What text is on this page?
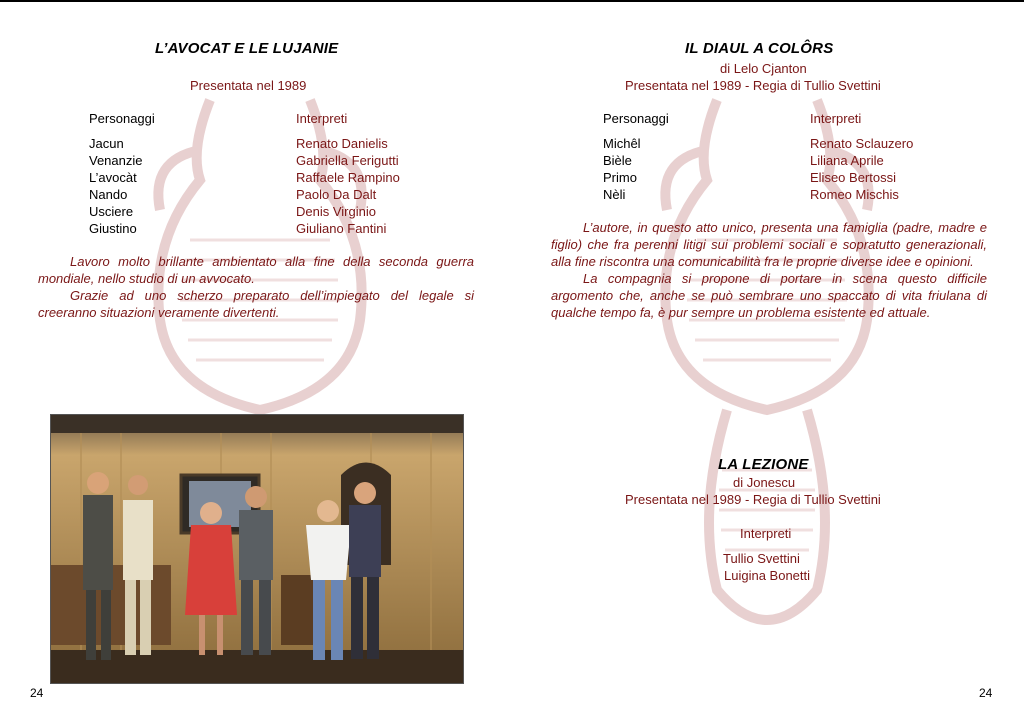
L’AVOCAT E LE LUJANIE
Presentata nel 1989
Personaggi
Jacun
Venanzie
L’avocàt
Nando
Usciere
Giustino
Interpreti
Renato Danielis
Gabriella Ferigutti
Raffaele Rampino
Paolo Da Dalt
Denis Virginio
Giuliano Fantini

Lavoro molto brillante ambientato alla fine della seconda guerra mondiale, nello studio di un avvocato.

Grazie ad uno scherzo preparato dell’impiegato del legale si creeranno situazioni veramente divertenti.

24
IL DIAUL A COLÔRS
di Lelo Cjanton
Presentata nel 1989 - Regia di Tullio Svettini
Personaggi
Michêl
Bièle
Primo
Nèli
Interpreti
Renato Sclauzero
Liliana Aprile
Eliseo Bertossi
Romeo Mischis

L’autore, in questo atto unico, presenta una famiglia (padre, madre e figlio) che fra perenni litigi sui problemi sociali e sopratutto generazionali, alla fine riscontra una comunicabilità fra le proprie diverse idee e opinioni.

La compagnia si propone di portare in scena questo difficile argomento che, anche se può sembrare uno spaccato di vita friulana di qualche tempo fa, è pur sempre un problema esistente ed attuale.

LA LEZIONE
di Jonescu
Presentata nel 1989 - Regia di Tullio Svettini
Interpreti
Tullio Svettini
Luigina Bonetti
24
